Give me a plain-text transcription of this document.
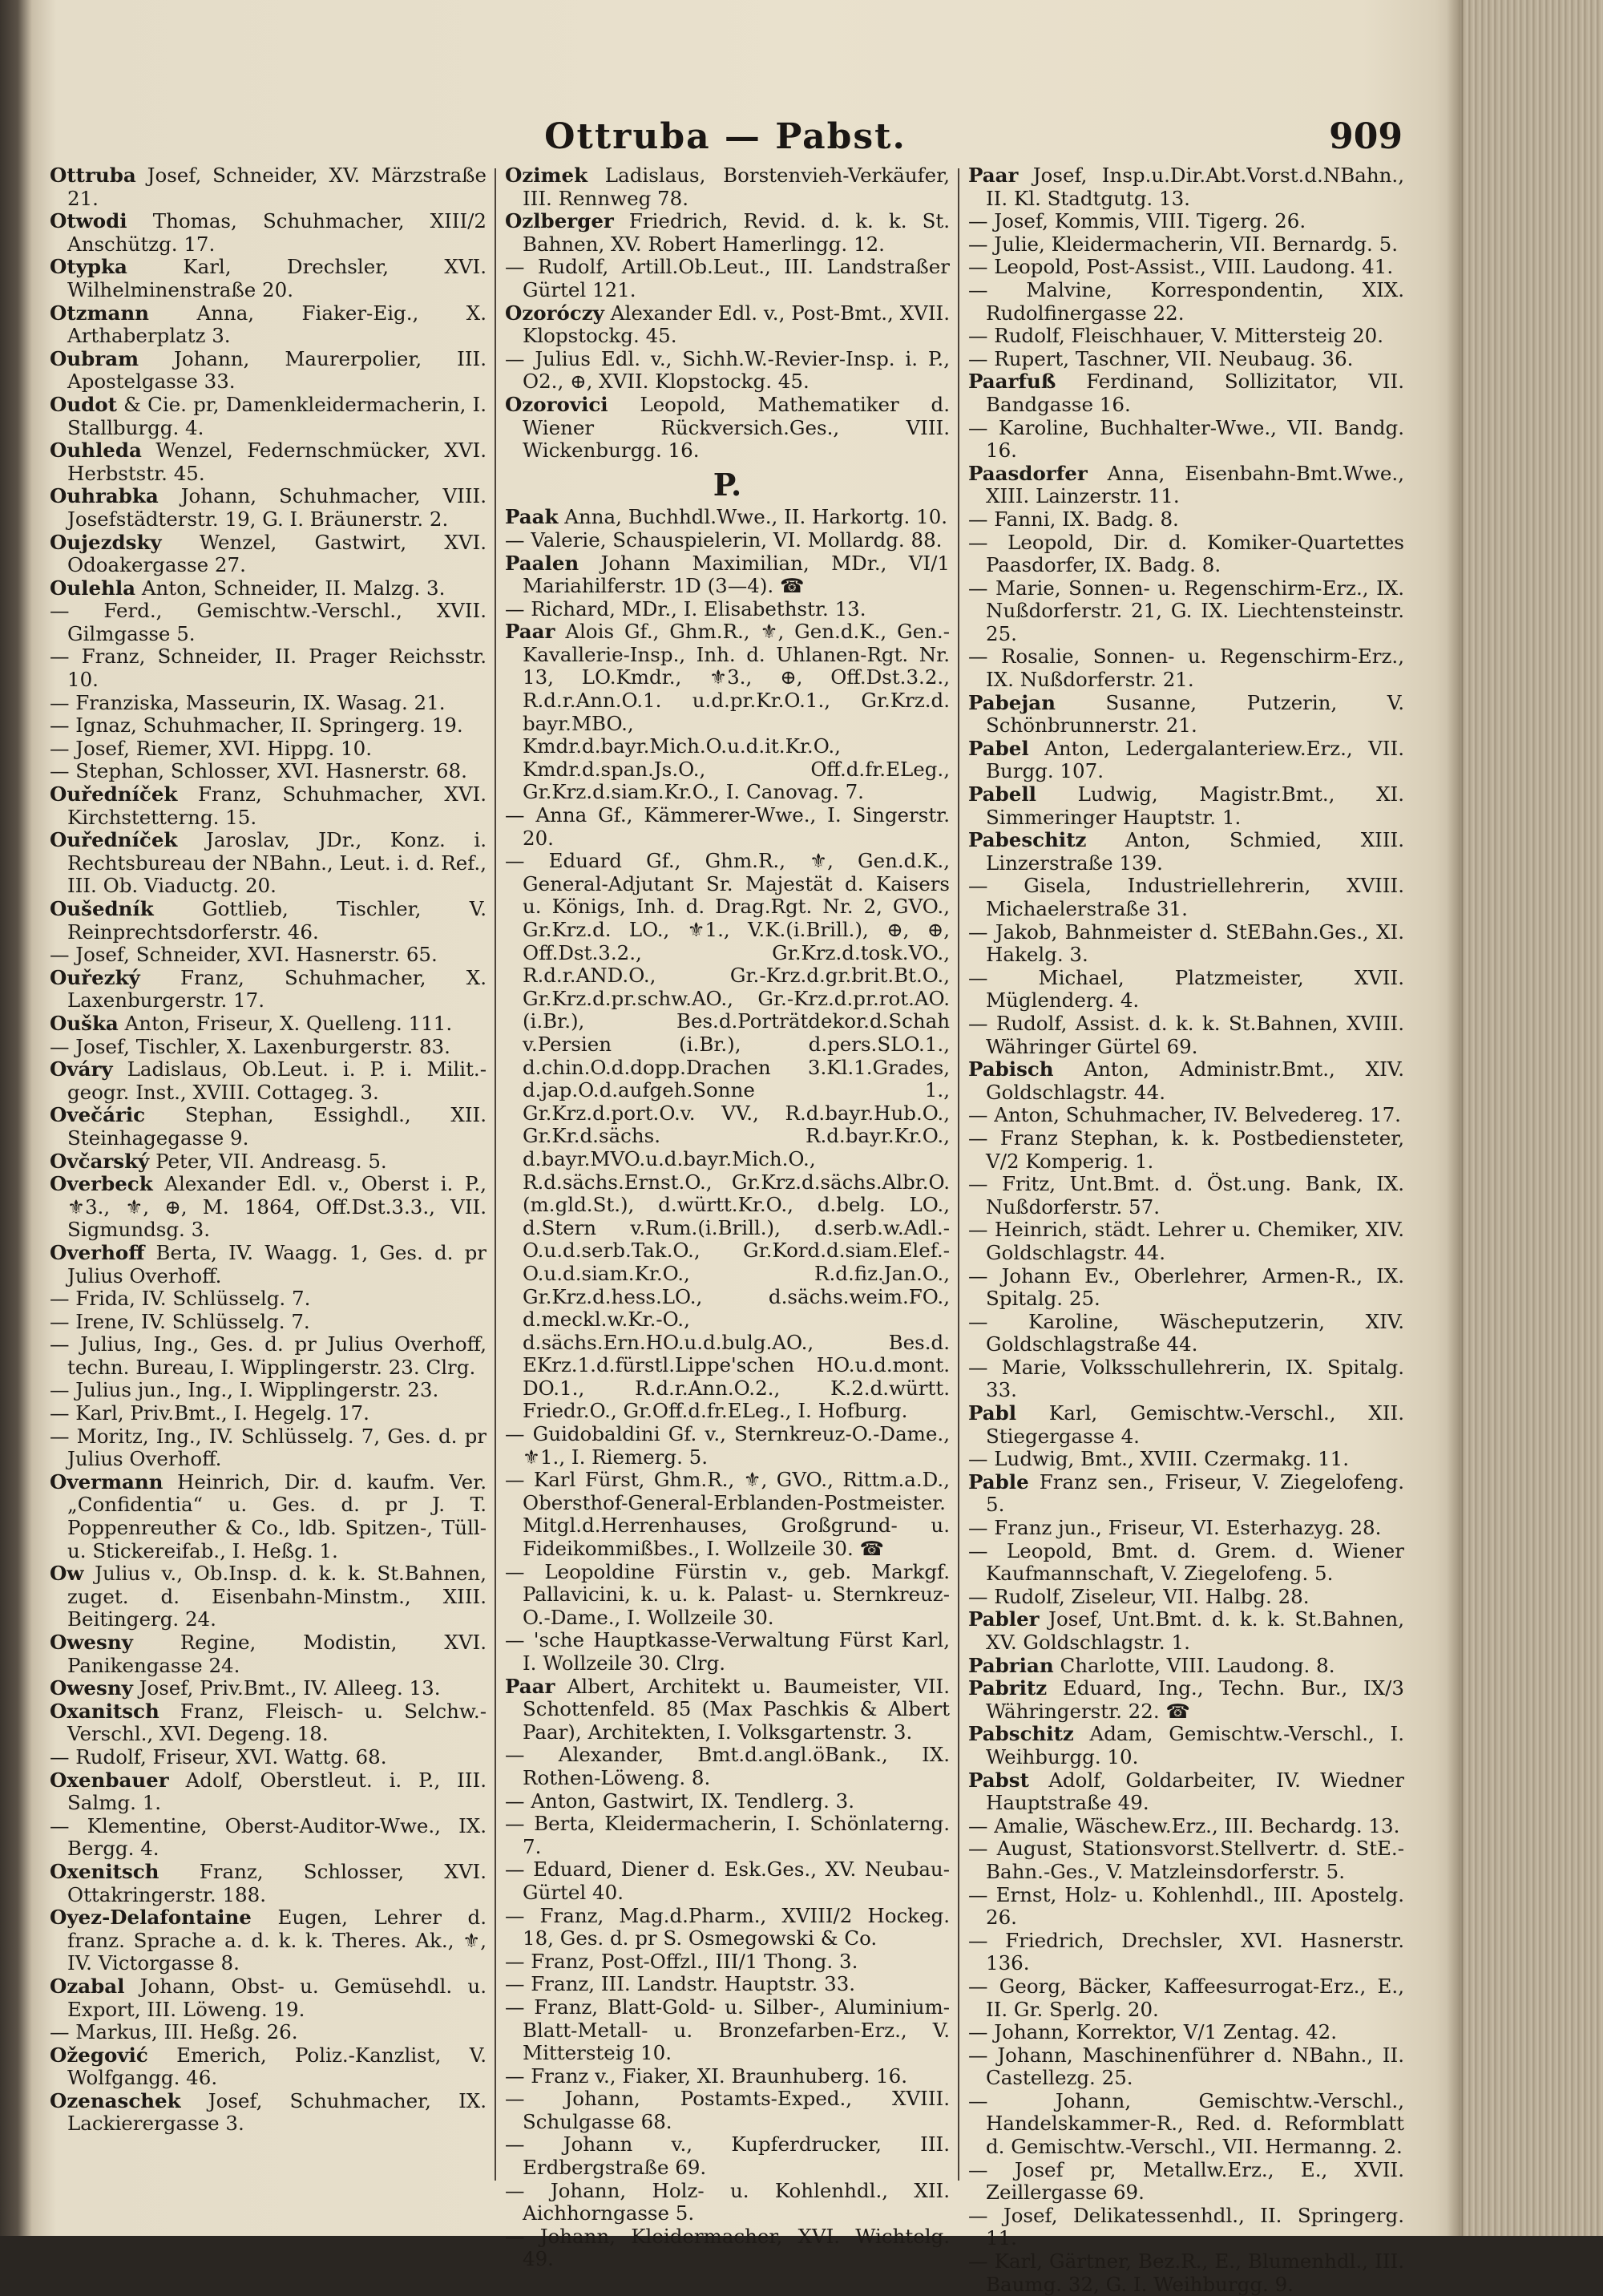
Ottruba — Pabst.	909

Ottruba Josef, Schneider, XV. Märzstraße 21.

Otwodi Thomas, Schuhmacher, XIII/2 Anschützg. 17.

Otypka Karl, Drechsler, XVI. Wilhelminenstraße 20.

Otzmann Anna, Fiaker-Eig., X. Arthaberplatz 3.

Oubram Johann, Maurerpolier, III. Apostelgasse 33.

Oudot & Cie. pr, Damenkleidermacherin, I. Stallburgg. 4.

Ouhleda Wenzel, Federnschmücker, XVI. Herbststr. 45.

Ouhrabka Johann, Schuhmacher, VIII. Josefstädterstr. 19, G. I. Bräunerstr. 2.

Oujezdsky Wenzel, Gastwirt, XVI. Odoakergasse 27.

Oulehla Anton, Schneider, II. Malzg. 3.

— Ferd., Gemischtw.-Verschl., XVII. Gilmgasse 5.

— Franz, Schneider, II. Prager Reichsstr. 10.

— Franziska, Masseurin, IX. Wasag. 21.

— Ignaz, Schuhmacher, II. Springerg. 19.

— Josef, Riemer, XVI. Hippg. 10.

— Stephan, Schlosser, XVI. Hasnerstr. 68.

Ouředníček Franz, Schuhmacher, XVI. Kirchstetterng. 15.

Ouředníček Jaroslav, JDr., Konz. i. Rechtsbureau der NBahn., Leut. i. d. Ref., III. Ob. Viaductg. 20.

Oušedník Gottlieb, Tischler, V. Reinprechtsdorferstr. 46.

— Josef, Schneider, XVI. Hasnerstr. 65.

Ouřezký Franz, Schuhmacher, X. Laxenburgerstr. 17.

Ouška Anton, Friseur, X. Quelleng. 111.

— Josef, Tischler, X. Laxenburgerstr. 83.

Ováry Ladislaus, Ob.Leut. i. P. i. Milit.-geogr. Inst., XVIII. Cottageg. 3.

Ovečáric Stephan, Essighdl., XII. Steinhagegasse 9.

Ovčarský Peter, VII. Andreasg. 5.

Overbeck Alexander Edl. v., Oberst i. P., ⚜3., ⚜, ⊕, M. 1864, Off.Dst.3.3., VII. Sigmundsg. 3.

Overhoff Berta, IV. Waagg. 1, Ges. d. pr Julius Overhoff.

— Frida, IV. Schlüsselg. 7.

— Irene, IV. Schlüsselg. 7.

— Julius, Ing., Ges. d. pr Julius Overhoff, techn. Bureau, I. Wipplingerstr. 23. Clrg.

— Julius jun., Ing., I. Wipplingerstr. 23.

— Karl, Priv.Bmt., I. Hegelg. 17.

— Moritz, Ing., IV. Schlüsselg. 7, Ges. d. pr Julius Overhoff.

Overmann Heinrich, Dir. d. kaufm. Ver. „Confidentia“ u. Ges. d. pr J. T. Poppenreuther & Co., ldb. Spitzen-, Tüll- u. Stickereifab., I. Heßg. 1.

Ow Julius v., Ob.Insp. d. k. k. St.Bahnen, zuget. d. Eisenbahn-Minstm., XIII. Beitingerg. 24.

Owesny Regine, Modistin, XVI. Panikengasse 24.

Owesny Josef, Priv.Bmt., IV. Alleeg. 13.

Oxanitsch Franz, Fleisch- u. Selchw.-Verschl., XVI. Degeng. 18.

— Rudolf, Friseur, XVI. Wattg. 68.

Oxenbauer Adolf, Oberstleut. i. P., III. Salmg. 1.

— Klementine, Oberst-Auditor-Wwe., IX. Bergg. 4.

Oxenitsch Franz, Schlosser, XVI. Ottakringerstr. 188.

Oyez-Delafontaine Eugen, Lehrer d. franz. Sprache a. d. k. k. Theres. Ak., ⚜, IV. Victorgasse 8.

Ozabal Johann, Obst- u. Gemüsehdl. u. Export, III. Löweng. 19.

— Markus, III. Heßg. 26.

Ožegović Emerich, Poliz.-Kanzlist, V. Wolfgangg. 46.

Ozenaschek Josef, Schuhmacher, IX. Lackierergasse 3.

Ozimek Ladislaus, Borstenvieh-Verkäufer, III. Rennweg 78.

Ozlberger Friedrich, Revid. d. k. k. St. Bahnen, XV. Robert Hamerlingg. 12.

— Rudolf, Artill.Ob.Leut., III. Landstraßer Gürtel 121.

Ozoróczy Alexander Edl. v., Post-Bmt., XVII. Klopstockg. 45.

— Julius Edl. v., Sichh.W.-Revier-Insp. i. P., O2., ⊕, XVII. Klopstockg. 45.

Ozorovici Leopold, Mathematiker d. Wiener Rückversich.Ges., VIII. Wickenburgg. 16.

P.

Paak Anna, Buchhdl.Wwe., II. Harkortg. 10.

— Valerie, Schauspielerin, VI. Mollardg. 88.

Paalen Johann Maximilian, MDr., VI/1 Mariahilferstr. 1D (3—4). ☎

— Richard, MDr., I. Elisabethstr. 13.

Paar Alois Gf., Ghm.R., ⚜, Gen.d.K., Gen.-Kavallerie-Insp., Inh. d. Uhlanen-Rgt. Nr. 13, LO.Kmdr., ⚜3., ⊕, Off.Dst.3.2., R.d.r.Ann.O.1. u.d.pr.Kr.O.1., Gr.Krz.d. bayr.MBO., Kmdr.d.bayr.Mich.O.u.d.it.Kr.O., Kmdr.d.span.Js.O., Off.d.fr.ELeg., Gr.Krz.d.siam.Kr.O., I. Canovag. 7.

— Anna Gf., Kämmerer-Wwe., I. Singerstr. 20.

— Eduard Gf., Ghm.R., ⚜, Gen.d.K., General-Adjutant Sr. Majestät d. Kaisers u. Königs, Inh. d. Drag.Rgt. Nr. 2, GVO., Gr.Krz.d. LO., ⚜1., V.K.(i.Brill.), ⊕, ⊕, Off.Dst.3.2., Gr.Krz.d.tosk.VO., R.d.r.AND.O., Gr.-Krz.d.gr.brit.Bt.O., Gr.Krz.d.pr.schw.AO., Gr.-Krz.d.pr.rot.AO.(i.Br.), Bes.d.Porträtdekor.d.Schah v.Persien (i.Br.), d.pers.SLO.1., d.chin.O.d.dopp.Drachen 3.Kl.1.Grades, d.jap.O.d.aufgeh.Sonne 1., Gr.Krz.d.port.O.v. VV., R.d.bayr.Hub.O., Gr.Kr.d.sächs. R.d.bayr.Kr.O., d.bayr.MVO.u.d.bayr.Mich.O., R.d.sächs.Ernst.O., Gr.Krz.d.sächs.Albr.O.(m.gld.St.), d.württ.Kr.O., d.belg. LO., d.Stern v.Rum.(i.Brill.), d.serb.w.Adl.-O.u.d.serb.Tak.O., Gr.Kord.d.siam.Elef.-O.u.d.siam.Kr.O., R.d.fiz.Jan.O., Gr.Krz.d.hess.LO., d.sächs.weim.FO., d.meckl.w.Kr.-O., d.sächs.Ern.HO.u.d.bulg.AO., Bes.d. EKrz.1.d.fürstl.Lippe'schen HO.u.d.mont. DO.1., R.d.r.Ann.O.2., K.2.d.württ. Friedr.O., Gr.Off.d.fr.ELeg., I. Hofburg.

— Guidobaldini Gf. v., Sternkreuz-O.-Dame., ⚜1., I. Riemerg. 5.

— Karl Fürst, Ghm.R., ⚜, GVO., Rittm.a.D., Obersthof-General-Erblanden-Postmeister. Mitgl.d.Herrenhauses, Großgrund- u. Fideikommißbes., I. Wollzeile 30. ☎

— Leopoldine Fürstin v., geb. Markgf. Pallavicini, k. u. k. Palast- u. Sternkreuz-O.-Dame., I. Wollzeile 30.

— 'sche Hauptkasse-Verwaltung Fürst Karl, I. Wollzeile 30. Clrg.

Paar Albert, Architekt u. Baumeister, VII. Schottenfeld. 85 (Max Paschkis & Albert Paar), Architekten, I. Volksgartenstr. 3.

— Alexander, Bmt.d.angl.öBank., IX. Rothen-Löweng. 8.

— Anton, Gastwirt, IX. Tendlerg. 3.

— Berta, Kleidermacherin, I. Schönlaterng. 7.

— Eduard, Diener d. Esk.Ges., XV. Neubau-Gürtel 40.

— Franz, Mag.d.Pharm., XVIII/2 Hockeg. 18, Ges. d. pr S. Osmegowski & Co.

— Franz, Post-Offzl., III/1 Thong. 3.

— Franz, III. Landstr. Hauptstr. 33.

— Franz, Blatt-Gold- u. Silber-, Aluminium-Blatt-Metall- u. Bronzefarben-Erz., V. Mittersteig 10.

— Franz v., Fiaker, XI. Braunhuberg. 16.

— Johann, Postamts-Exped., XVIII. Schulgasse 68.

— Johann v., Kupferdrucker, III. Erdbergstraße 69.

— Johann, Holz- u. Kohlenhdl., XII. Aichhorngasse 5.

— Johann, Kleidermacher, XVI. Wichtelg. 49.

Paar Josef, Insp.u.Dir.Abt.Vorst.d.NBahn., II. Kl. Stadtgutg. 13.

— Josef, Kommis, VIII. Tigerg. 26.

— Julie, Kleidermacherin, VII. Bernardg. 5.

— Leopold, Post-Assist., VIII. Laudong. 41.

— Malvine, Korrespondentin, XIX. Rudolfinergasse 22.

— Rudolf, Fleischhauer, V. Mittersteig 20.

— Rupert, Taschner, VII. Neubaug. 36.

Paarfuß Ferdinand, Sollizitator, VII. Bandgasse 16.

— Karoline, Buchhalter-Wwe., VII. Bandg. 16.

Paasdorfer Anna, Eisenbahn-Bmt.Wwe., XIII. Lainzerstr. 11.

— Fanni, IX. Badg. 8.

— Leopold, Dir. d. Komiker-Quartettes Paasdorfer, IX. Badg. 8.

— Marie, Sonnen- u. Regenschirm-Erz., IX. Nußdorferstr. 21, G. IX. Liechtensteinstr. 25.

— Rosalie, Sonnen- u. Regenschirm-Erz., IX. Nußdorferstr. 21.

Pabejan Susanne, Putzerin, V. Schönbrunnerstr. 21.

Pabel Anton, Ledergalanteriew.Erz., VII. Burgg. 107.

Pabell Ludwig, Magistr.Bmt., XI. Simmeringer Hauptstr. 1.

Pabeschitz Anton, Schmied, XIII. Linzerstraße 139.

— Gisela, Industriellehrerin, XVIII. Michaelerstraße 31.

— Jakob, Bahnmeister d. StEBahn.Ges., XI. Hakelg. 3.

— Michael, Platzmeister, XVII. Müglenderg. 4.

— Rudolf, Assist. d. k. k. St.Bahnen, XVIII. Währinger Gürtel 69.

Pabisch Anton, Administr.Bmt., XIV. Goldschlagstr. 44.

— Anton, Schuhmacher, IV. Belvedereg. 17.

— Franz Stephan, k. k. Postbediensteter, V/2 Komperig. 1.

— Fritz, Unt.Bmt. d. Öst.ung. Bank, IX. Nußdorferstr. 57.

— Heinrich, städt. Lehrer u. Chemiker, XIV. Goldschlagstr. 44.

— Johann Ev., Oberlehrer, Armen-R., IX. Spitalg. 25.

— Karoline, Wäscheputzerin, XIV. Goldschlagstraße 44.

— Marie, Volksschullehrerin, IX. Spitalg. 33.

Pabl Karl, Gemischtw.-Verschl., XII. Stiegergasse 4.

— Ludwig, Bmt., XVIII. Czermakg. 11.

Pable Franz sen., Friseur, V. Ziegelofeng. 5.

— Franz jun., Friseur, VI. Esterhazyg. 28.

— Leopold, Bmt. d. Grem. d. Wiener Kaufmannschaft, V. Ziegelofeng. 5.

— Rudolf, Ziseleur, VII. Halbg. 28.

Pabler Josef, Unt.Bmt. d. k. k. St.Bahnen, XV. Goldschlagstr. 1.

Pabrian Charlotte, VIII. Laudong. 8.

Pabritz Eduard, Ing., Techn. Bur., IX/3 Währingerstr. 22. ☎

Pabschitz Adam, Gemischtw.-Verschl., I. Weihburgg. 10.

Pabst Adolf, Goldarbeiter, IV. Wiedner Hauptstraße 49.

— Amalie, Wäschew.Erz., III. Bechardg. 13.

— August, Stationsvorst.Stellvertr. d. StE.-Bahn.-Ges., V. Matzleinsdorferstr. 5.

— Ernst, Holz- u. Kohlenhdl., III. Apostelg. 26.

— Friedrich, Drechsler, XVI. Hasnerstr. 136.

— Georg, Bäcker, Kaffeesurrogat-Erz., E., II. Gr. Sperlg. 20.

— Johann, Korrektor, V/1 Zentag. 42.

— Johann, Maschinenführer d. NBahn., II. Castellezg. 25.

— Johann, Gemischtw.-Verschl., Handelskammer-R., Red. d. Reformblatt d. Gemischtw.-Verschl., VII. Hermanng. 2.

— Josef pr, Metallw.Erz., E., XVII. Zeillergasse 69.

— Josef, Delikatessenhdl., II. Springerg. 11.

— Karl, Gärtner, Bez.R., E., Blumenhdl., III. Baumg. 32, G. I. Weihburgg. 9.
